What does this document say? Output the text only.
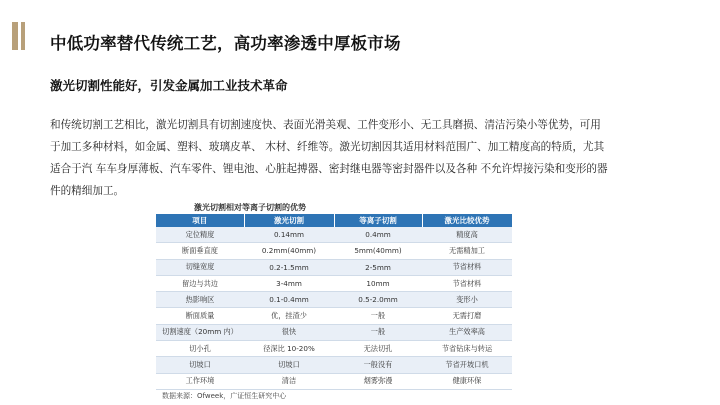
中低功率替代传统工艺，高功率渗透中厚板市场
激光切割性能好，引发金属加工业技术革命

和传统切割工艺相比，激光切割具有切割速度快、表面光滑美观、工件变形小、无工具磨损、清洁污染小等优势，可用

于加工多种材料，如金属、塑料、玻璃皮革、 木材、纤维等。激光切割因其适用材料范围广、加工精度高的特质，尤其

适合于汽 车车身厚薄板、汽车零件、锂电池、心脏起搏器、密封继电器等密封器件以及各种 不允许焊接污染和变形的器

件的精细加工。

激光切割相对等离子切割的优势
项目	激光切割	等离子切割	激光比较优势
定位精度	0.14mm	0.4mm	精度高
断面垂直度	0.2mm(40mm)	5mm(40mm)	无需精加工
切缝宽度	0.2-1.5mm	2-5mm	节省材料
留边与共边	3-4mm	10mm	节省材料
热影响区	0.1-0.4mm	0.5-2.0mm	变形小
断面质量	优，挂渣少	一般	无需打磨
切割速度（20mm 内）	很快	一般	生产效率高
切小孔	径深比 10-20%	无法切孔	节省钻床与转运
切坡口	切坡口	一般没有	节省开坡口机
工作环境	清洁	烟雾弥漫	健康环保
数据来源：Ofweek，广证恒生研究中心
